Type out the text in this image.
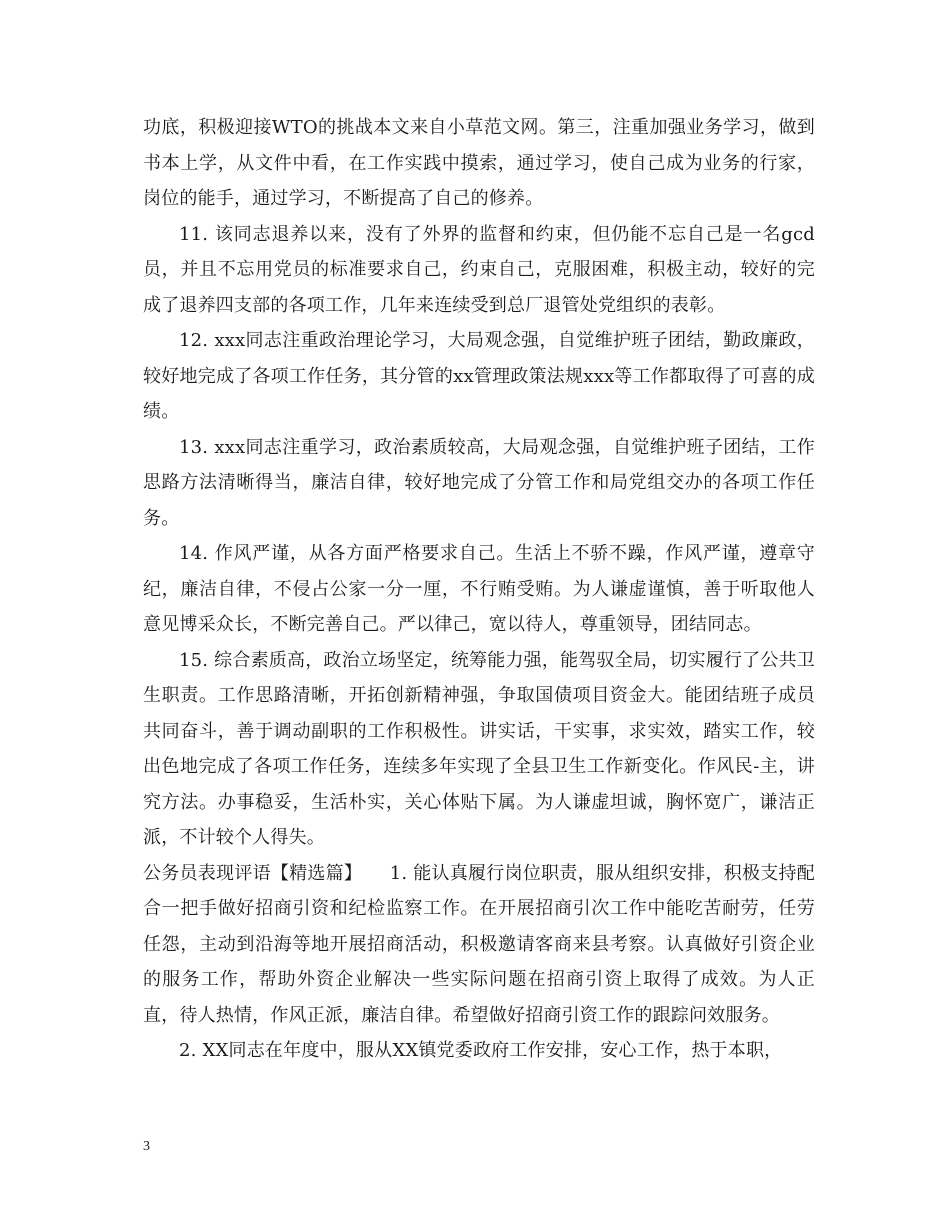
功底，积极迎接WTO的挑战本文来自小草范文网。第三，注重加强业务学习，做到书本上学，从文件中看，在工作实践中摸索，通过学习，使自己成为业务的行家，岗位的能手，通过学习，不断提高了自己的修养。

11. 该同志退养以来，没有了外界的监督和约束，但仍能不忘自己是一名gcd员，并且不忘用党员的标准要求自己，约束自己，克服困难，积极主动，较好的完成了退养四支部的各项工作，几年来连续受到总厂退管处党组织的表彰。

12. xxx同志注重政治理论学习，大局观念强，自觉维护班子团结，勤政廉政，较好地完成了各项工作任务，其分管的xx管理政策法规xxx等工作都取得了可喜的成绩。

13. xxx同志注重学习，政治素质较高，大局观念强，自觉维护班子团结，工作思路方法清晰得当，廉洁自律，较好地完成了分管工作和局党组交办的各项工作任务。

14. 作风严谨，从各方面严格要求自己。生活上不骄不躁，作风严谨，遵章守纪，廉洁自律，不侵占公家一分一厘，不行贿受贿。为人谦虚谨慎，善于听取他人意见博采众长，不断完善自己。严以律己，宽以待人，尊重领导，团结同志。

15. 综合素质高，政治立场坚定，统筹能力强，能驾驭全局，切实履行了公共卫生职责。工作思路清晰，开拓创新精神强，争取国债项目资金大。能团结班子成员共同奋斗，善于调动副职的工作积极性。讲实话，干实事，求实效，踏实工作，较出色地完成了各项工作任务，连续多年实现了全县卫生工作新变化。作风民-主，讲究方法。办事稳妥，生活朴实，关心体贴下属。为人谦虚坦诚，胸怀宽广，谦洁正派，不计较个人得失。

公务员表现评语【精选篇】　　1. 能认真履行岗位职责，服从组织安排，积极支持配合一把手做好招商引资和纪检监察工作。在开展招商引次工作中能吃苦耐劳，任劳任怨，主动到沿海等地开展招商活动，积极邀请客商来县考察。认真做好引资企业的服务工作，帮助外资企业解决一些实际问题在招商引资上取得了成效。为人正直，待人热情，作风正派，廉洁自律。希望做好招商引资工作的跟踪问效服务。

2. XX同志在年度中，服从XX镇党委政府工作安排，安心工作，热于本职，

3
